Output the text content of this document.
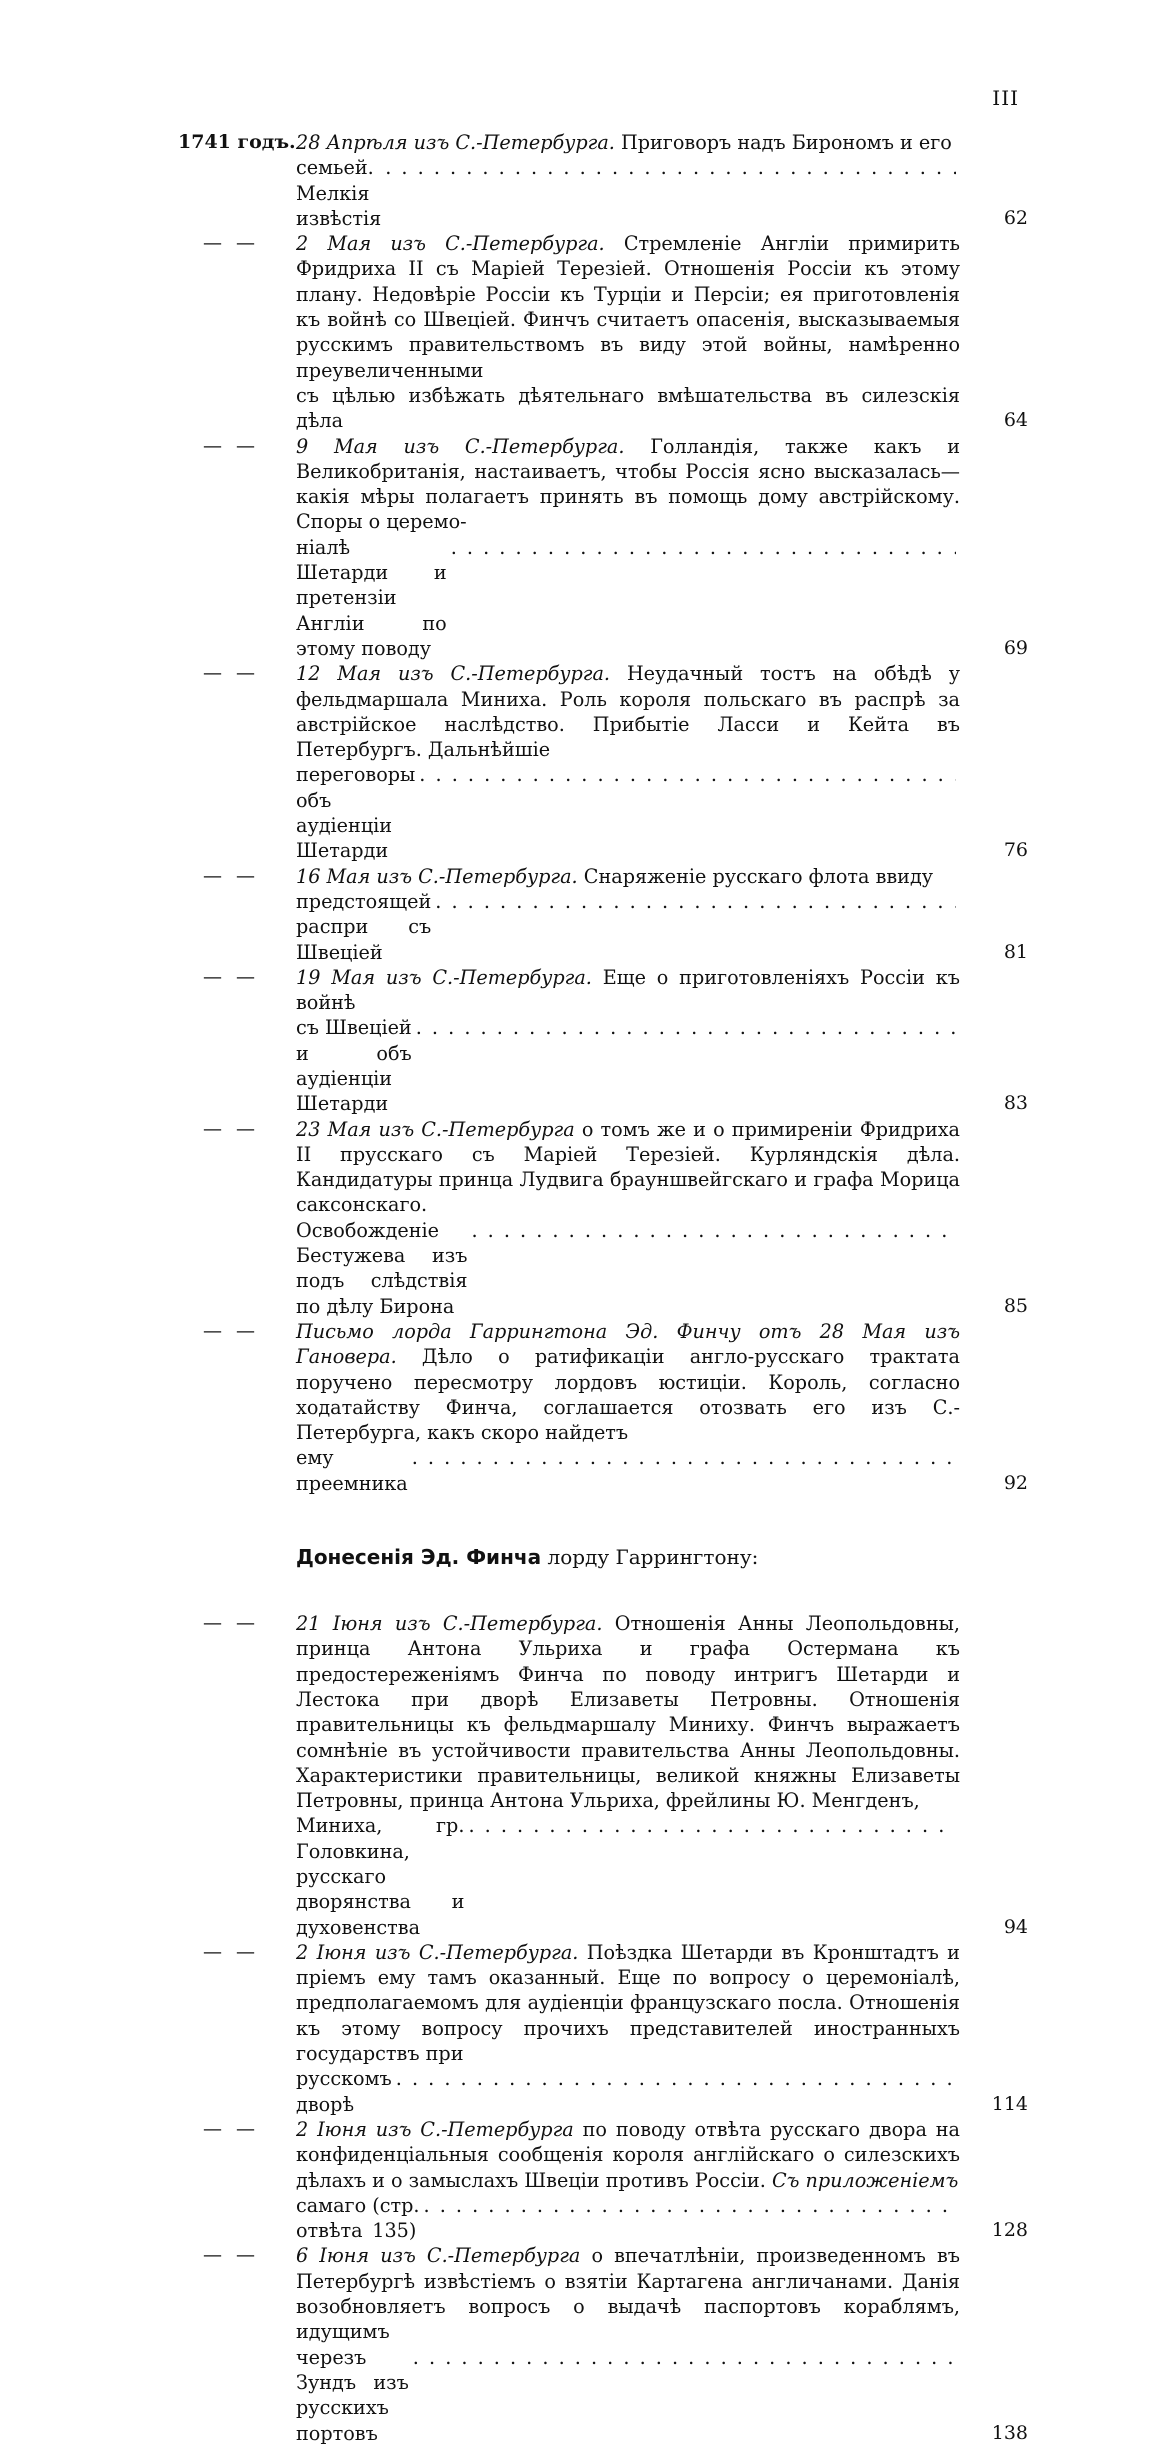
III
1741 годъ. 28 Апрѣля изъ С.-Петербурга. Приговоръ надъ Бирономъ и его
семьей. Мелкія извѣстія
. . .	62
— —	2 Мая изъ С.-Петербурга. Стремленіе Англіи примирить Фридриха II съ Маріей Терезіей. Отношенія Россіи къ этому плану. Недовѣріе Россіи къ Турціи и Персіи; ея приготовленія къ войнѣ со Швеціей. Финчъ считаетъ опасенія, высказываемыя русскимъ правительствомъ въ виду этой войны, намѣренно преувеличенными
съ цѣлью избѣжать дѣятельнаго вмѣшательства въ силезскія дѣла	64
— —	9 Мая изъ С.-Петербурга. Голландія, также какъ и Великобританія, настаиваетъ, чтобы Россія ясно высказалась—какія мѣры полагаетъ принять въ помощь дому австрійскому. Споры о церемо-
ніалѣ Шетарди и претензіи Англіи по этому поводу
. . .	69
— —	12 Мая изъ С.-Петербурга. Неудачный тостъ на обѣдѣ у фельдмаршала Миниха. Роль короля польскаго въ распрѣ за австрійское наслѣдство. Прибытіе Ласси и Кейта въ Петербургъ. Дальнѣйшіе
переговоры объ аудіенціи Шетарди
. . .	76
— —	16 Мая изъ С.-Петербурга. Снаряженіе русскаго флота ввиду
предстоящей распри съ Швеціей
. . .	81
— —	19 Мая изъ С.-Петербурга. Еще о приготовленіяхъ Россіи къ войнѣ
съ Швеціей и объ аудіенціи Шетарди
. . .	83
— —	23 Мая изъ С.-Петербурга о томъ же и о примиреніи Фридриха II прусскаго съ Маріей Терезіей. Курляндскія дѣла. Кандидатуры принца Лудвига брауншвейгскаго и графа Морица саксонскаго.
Освобожденіе Бестужева изъ подъ слѣдствія по дѣлу Бирона
. . .	85
— —	Письмо лорда Гаррингтона Эд. Финчу отъ 28 Мая изъ Гановера. Дѣло о ратификаціи англо-русскаго трактата поручено пересмотру лордовъ юстиціи. Король, согласно ходатайству Финча, соглашается отозвать его изъ С.-Петербурга, какъ скоро найдетъ
ему преемника
. . .	92
Донесенія Эд. Финча лорду Гаррингтону:
— —	21 Іюня изъ С.-Петербурга. Отношенія Анны Леопольдовны, принца Антона Ульриха и графа Остермана къ предостереженіямъ Финча по поводу интригъ Шетарди и Лестока при дворѣ Елизаветы Петровны. Отношенія правительницы къ фельдмаршалу Миниху. Финчъ выражаетъ сомнѣніе въ устойчивости правительства Анны Леопольдовны. Характеристики правительницы, великой княжны Елизаветы Петровны, принца Антона Ульриха, фрейлины Ю. Менгденъ,
Миниха, гр. Головкина, русскаго дворянства и духовенства
. . .	94
— —	2 Іюня изъ С.-Петербурга. Поѣздка Шетарди въ Кронштадтъ и пріемъ ему тамъ оказанный. Еще по вопросу о церемоніалѣ, предполагаемомъ для аудіенціи французскаго посла. Отношенія къ этому вопросу прочихъ представителей иностранныхъ государствъ при
русскомъ дворѣ
. . .	114
— —	2 Іюня изъ С.-Петербурга по поводу отвѣта русскаго двора на конфиденціальныя сообщенія короля англійскаго о силезскихъ дѣлахъ и о замыслахъ Швеціи противъ Россіи. Съ приложеніемъ
самаго отвѣта

(стр. 135)
. . .	128
— —	6 Іюня изъ С.-Петербурга о впечатлѣніи, произведенномъ въ Петербургѣ извѣстіемъ о взятіи Картагена англичанами. Данія возобновляетъ вопросъ о выдачѣ паспортовъ кораблямъ, идущимъ
черезъ Зундъ изъ русскихъ портовъ
. . .	138
